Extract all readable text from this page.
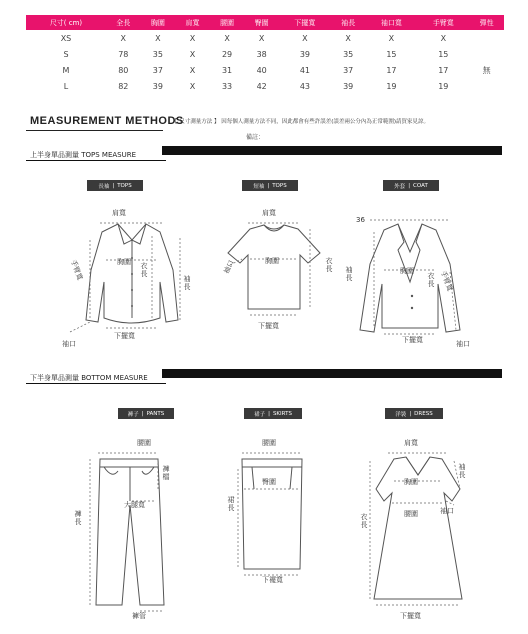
尺寸( cm)	全長	胸圍	肩寬	腰圍	臀圍	下擺寬	袖長	袖口寬	手臂寬	彈性
XS	X	X	X	X	X	X	X	X	X	
S	78	35	X	29	38	39	35	15	15	
M	80	37	X	31	40	41	37	17	17	無
L	82	39	X	33	42	43	39	19	19	
MEASUREMENT METHODS
【 尺寸測量方法 】 因每個人測量方法不同，因此都會有些許誤差(誤差兩公分內為正常範圍)請買家見諒。
備註：
上半身單品測量 TOPS MEASURE
長袖 | TOPS	短袖 | TOPS	外套 | COAT
肩寬
胸圍 衣長
袖長
下擺寬
袖口
手臂寬
肩寬
胸圍	衣長
下擺寬
袖口
36
胸圍
袖長	衣長
下擺寬	袖口
手臂寬
下半身單品測量 BOTTOM MEASURE
褲子 | PANTS	裙子 | SKIRTS	洋裝 | DRESS
腰圍
褲檔
大腿寬
褲長
褲管
腰圍
臀圍
裙長
下襬寬
肩寬
袖長
胸圍
腰圍	袖口
衣長
下擺寬
